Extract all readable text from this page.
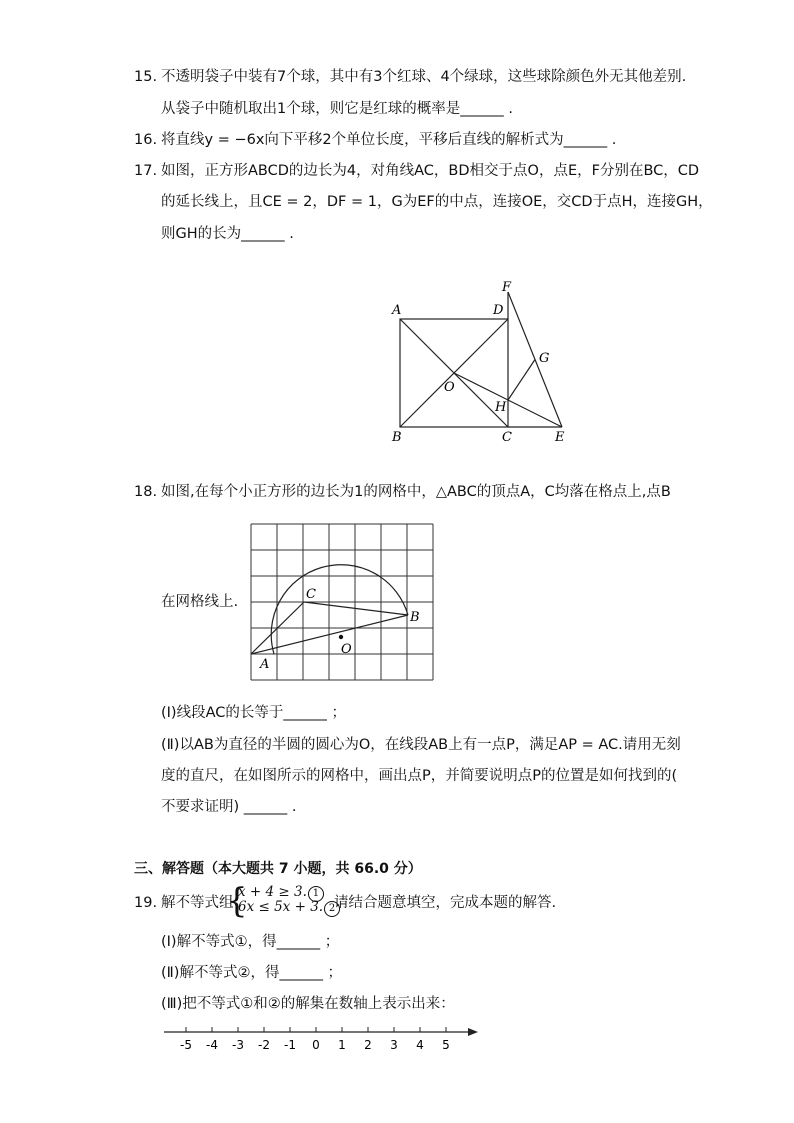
15. 不透明袋子中装有7个球，其中有3个红球、4个绿球，这些球除颜色外无其他差别.
从袋子中随机取出1个球，则它是红球的概率是______ .
16. 将直线y = −6x向下平移2个单位长度，平移后直线的解析式为______ .
17. 如图，正方形ABCD的边长为4，对角线AC，BD相交于点O，点E，F分别在BC，CD
的延长线上，且CE = 2，DF = 1，G为EF的中点，连接OE，交CD于点H，连接GH，
则GH的长为______ .
A
B	C
D
E
F
G
H
O
18. 如图,在每个小正方形的边长为1的网格中，△ABC的顶点A，C均落在格点上,点B
在网格线上.
A
B
C
O
(Ⅰ)线段AC的长等于______ ；
(Ⅱ)以AB为直径的半圆的圆心为O，在线段AB上有一点P，满足AP = AC.请用无刻
度的直尺，在如图所示的网格中，画出点P，并简要说明点P的位置是如何找到的(
不要求证明) ______ .
三、解答题（本大题共 7 小题，共 66.0 分）
19. 解不等式组
{
x + 4 ≥ 3. 1
6x ≤ 5x + 3. 2
请结合题意填空，完成本题的解答.
(Ⅰ)解不等式①，得______ ；
(Ⅱ)解不等式②，得______ ；
(Ⅲ)把不等式①和②的解集在数轴上表示出来：
-5 -4 -3 -2 -1 0 1 2 3 4 5
